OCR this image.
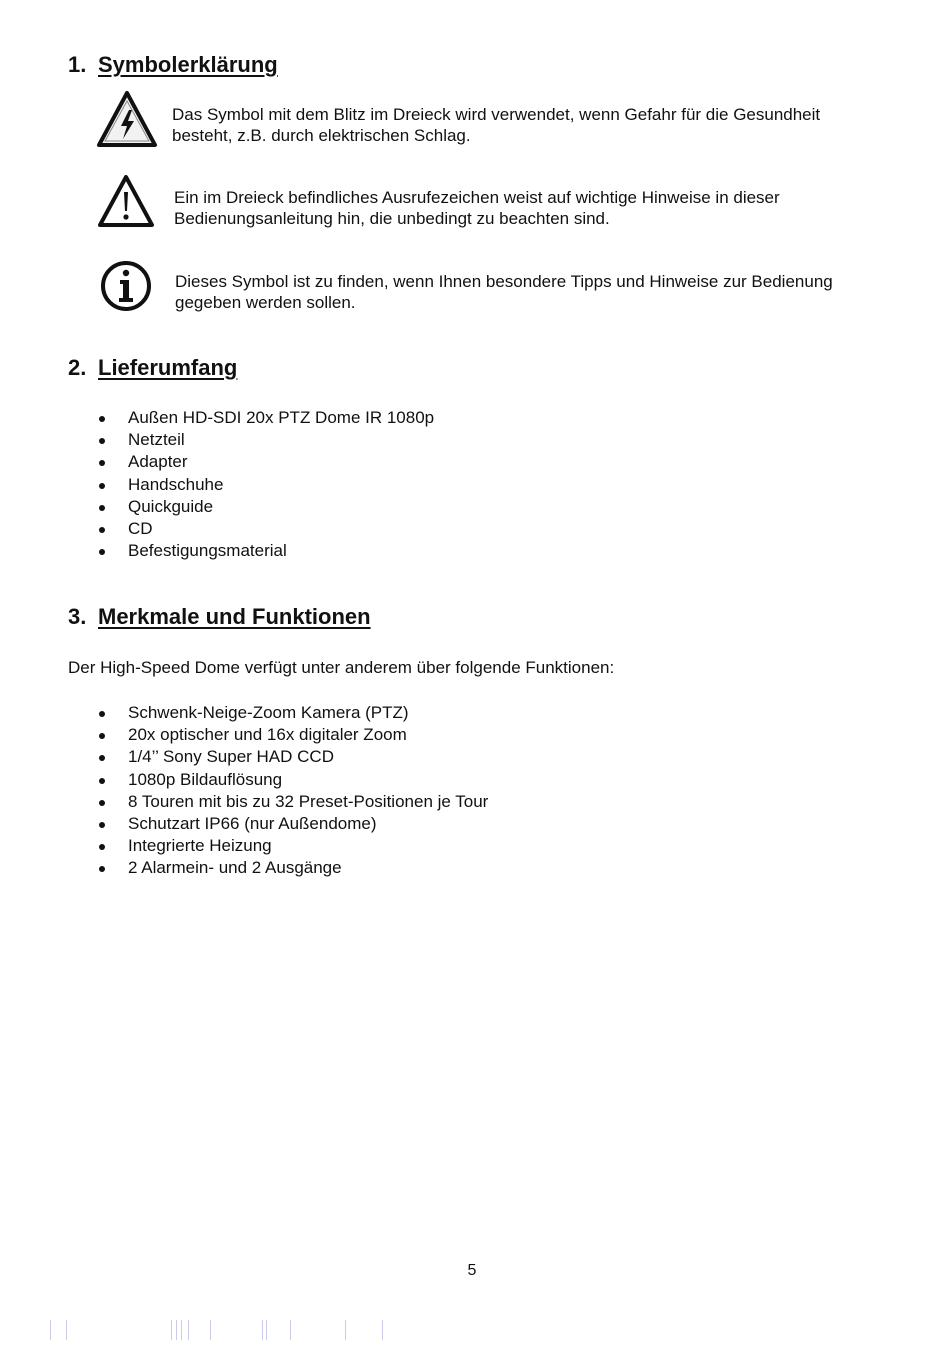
1. Symbolerklärung

Das Symbol mit dem Blitz im Dreieck wird verwendet, wenn Gefahr für die Gesundheit besteht, z.B. durch elektrischen Schlag.

Ein im Dreieck befindliches Ausrufezeichen weist auf wichtige Hinweise in dieser Bedienungsanleitung hin, die unbedingt zu beachten sind.

Dieses Symbol ist zu finden, wenn Ihnen besondere Tipps und Hinweise zur Bedienung gegeben werden sollen.

2. Lieferumfang
Außen HD-SDI 20x PTZ Dome IR 1080p
Netzteil
Adapter
Handschuhe
Quickguide
CD
Befestigungsmaterial
3. Merkmale und Funktionen

Der High-Speed Dome verfügt unter anderem über folgende Funktionen:

Schwenk-Neige-Zoom Kamera (PTZ)
20x optischer und 16x digitaler Zoom
1/4’’ Sony Super HAD CCD
1080p Bildauflösung
8 Touren mit bis zu 32 Preset-Positionen je Tour
Schutzart IP66 (nur Außendome)
Integrierte Heizung
2 Alarmein- und 2 Ausgänge

5
